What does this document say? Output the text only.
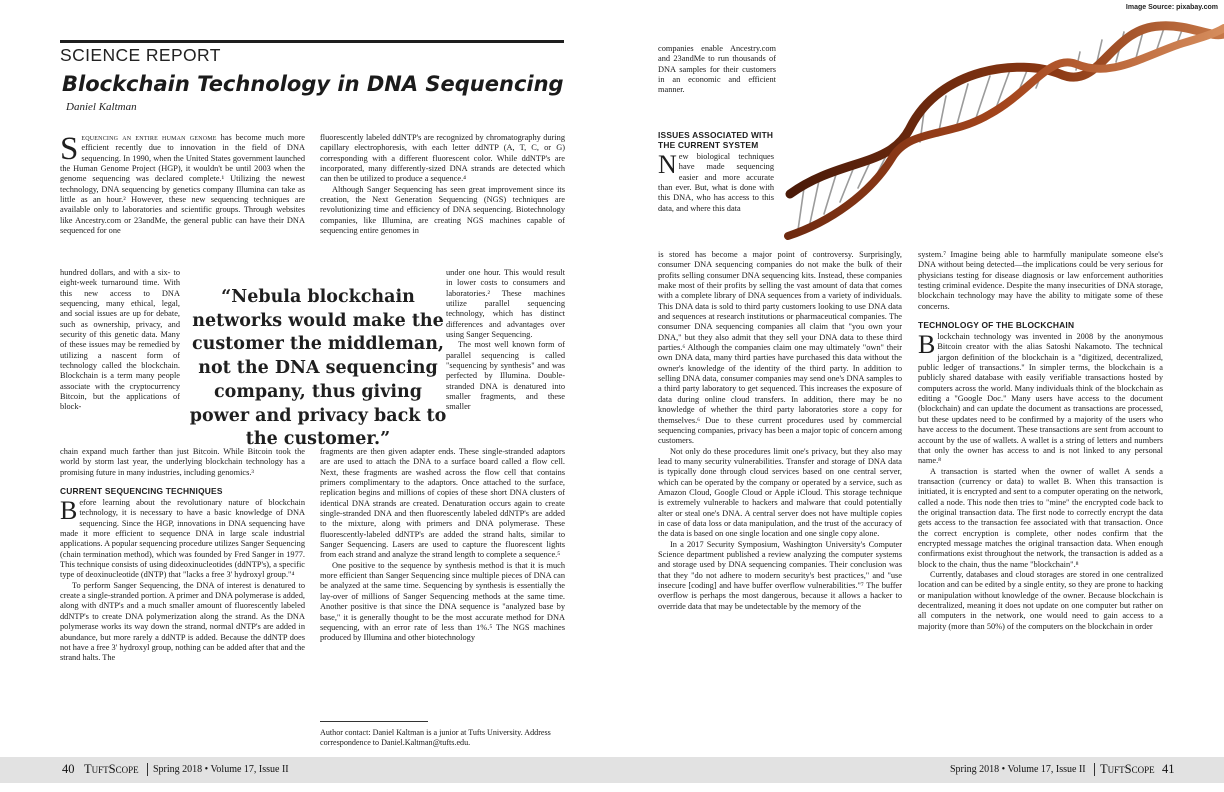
SCIENCE REPORT
Blockchain Technology in DNA Sequencing
Daniel Kaltman

Sequencing an entire human genome has become much more efficient recently due to innovation in the field of DNA sequencing. In 1990, when the United States government launched the Human Genome Project (HGP), it wouldn't be until 2003 when the genome sequencing was declared complete.¹ Utilizing the newest technology, DNA sequencing by genetics company Illumina can take as little as an hour.² However, these new sequencing techniques are available only to laboratories and scientific groups. Through websites like Ancestry.com or 23andMe, the general public can have their DNA sequenced for one

hundred dollars, and with a six- to eight-week turnaround time. With this new access to DNA sequencing, many ethical, legal, and social issues are up for debate, such as ownership, privacy, and security of this genetic data. Many of these issues may be remedied by utilizing a nascent form of technology called the blockchain. Blockchain is a term many people associate with the cryptocurrency Bitcoin, but the applications of block-

chain expand much farther than just Bitcoin. While Bitcoin took the world by storm last year, the underlying blockchain technology has a promising future in many industries, including genomics.³

CURRENT SEQUENCING TECHNIQUES

Before learning about the revolutionary nature of blockchain technology, it is necessary to have a basic knowledge of DNA sequencing. Since the HGP, innovations in DNA sequencing have made it more efficient to sequence DNA in large scale industrial applications. A popular sequencing procedure utilizes Sanger Sequencing (chain termination method), which was founded by Fred Sanger in 1977. This technique consists of using dideoxinucleotides (ddNTP's), a specific type of deoxinucleotide (dNTP) that "lacks a free 3' hydroxyl group."⁴

To perform Sanger Sequencing, the DNA of interest is denatured to create a single-stranded portion. A primer and DNA polymerase is added, along with dNTP's and a much smaller amount of fluorescently labeled ddNTP's to create DNA polymerization along the strand. As the DNA polymerase works its way down the strand, normal dNTP's are added in abundance, but more rarely a ddNTP is added. Because the ddNTP does not have a free 3' hydroxyl group, nothing can be added after that and the strand halts. The

fluorescently labeled ddNTP's are recognized by chromatography during capillary electrophoresis, with each letter ddNTP (A, T, C, or G) corresponding with a different fluorescent color. While ddNTP's are incorporated, many differently-sized DNA strands are detected which can then be utilized to produce a sequence.⁴

Although Sanger Sequencing has seen great improvement since its creation, the Next Generation Sequencing (NGS) techniques are revolutionizing time and efficiency of DNA sequencing. Biotechnology companies, like Illumina, are creating NGS machines capable of sequencing entire genomes in

under one hour. This would result in lower costs to consumers and laboratories.² These machines utilize parallel sequencing technology, which has distinct differences and advantages over using Sanger Sequencing.

The most well known form of parallel sequencing is called "sequencing by synthesis" and was perfected by Illumina. Double-stranded DNA is denatured into smaller fragments, and these smaller

fragments are then given adapter ends. These single-stranded adaptors are are used to attach the DNA to a surface board called a flow cell. Next, these fragments are washed across the flow cell that contains primers complimentary to the adaptors. Once attached to the surface, replication begins and millions of copies of these short DNA clusters of identical DNA strands are created. Denaturation occurs again to create single-stranded DNA and then fluorescently labeled ddNTP's are added to the mixture, along with primers and DNA polymerase. These fluorescently-labeled ddNTP's are added the strand halts, similar to Sanger Sequencing. Lasers are used to capture the fluorescent lights from each strand and analyze the strand length to complete a sequence.⁵

One positive to the sequence by synthesis method is that it is much more efficient than Sanger Sequencing since multiple pieces of DNA can be analyzed at the same time. Sequencing by synthesis is essentially the lay-over of millions of Sanger Sequencing methods at the same time. Another positive is that since the DNA sequence is "analyzed base by base," it is generally thought to be the most accurate method for DNA sequencing, with an error rate of less than 1%.⁵ The NGS machines produced by Illumina and other biotechnology

“Nebula blockchain networks would make the customer the middleman, not the DNA sequencing company, thus giving power and privacy back to the customer.”
Author contact: Daniel Kaltman is a junior at Tufts University. Address correspondence to Daniel.Kaltman@tufts.edu.
40 TuftScope Spring 2018 • Volume 17, Issue II
Image Source: pixabay.com

companies enable Ancestry.com and 23andMe to run thousands of DNA samples for their customers in an economic and efficient manner.

ISSUES ASSOCIATED WITH THE CURRENT SYSTEM

New biological techniques have made sequencing easier and more accurate than ever. But, what is done with this DNA, who has access to this data, and where this data

is stored has become a major point of controversy. Surprisingly, consumer DNA sequencing companies do not make the bulk of their profits selling consumer DNA sequencing kits. Instead, these companies make most of their profits by selling the vast amount of data that comes with a complete library of DNA sequences from a variety of individuals. This DNA data is sold to third party customers looking to use DNA data and sequences at research institutions or pharmaceutical companies. The consumer DNA sequencing companies all claim that "you own your DNA," but they also admit that they sell your DNA data to these third parties.⁶ Although the companies claim one may ultimately "own" their own DNA data, many third parties have purchased this data without the owner's knowledge of the identity of the third party. In addition to selling DNA data, consumer companies may send one's DNA samples to a third party laboratory to get sequenced. This increases the exposure of data during online cloud transfers. In addition, there may be no knowledge of whether the third party laboratories store a copy for themselves.⁶ Due to these current procedures used by commercial sequencing companies, privacy has been a major topic of concern among customers.

Not only do these procedures limit one's privacy, but they also may lead to many security vulnerabilities. Transfer and storage of DNA data is typically done through cloud services based on one central server, which can be operated by the company or operated by a service, such as Amazon Cloud, Google Cloud or Apple iCloud. This storage technique is extremely vulnerable to hackers and malware that could potentially alter or steal one's DNA. A central server does not have multiple copies in case of data loss or data manipulation, and the trust of the accuracy of the data is based on one single location and one single copy alone.

In a 2017 Security Symposium, Washington University's Computer Science department published a review analyzing the computer systems and storage used by DNA sequencing companies. Their conclusion was that they "do not adhere to modern security's best practices," and "use insecure [coding] and have buffer overflow vulnerabilities."⁷ The buffer overflow is perhaps the most dangerous, because it allows a hacker to override data that may be undetectable by the memory of the

system.⁷ Imagine being able to harmfully manipulate someone else's DNA without being detected—the implications could be very serious for physicians testing for disease diagnosis or law enforcement authorities testing criminal evidence. Despite the many insecurities of DNA storage, blockchain technology may have the ability to mitigate some of these concerns.

TECHNOLOGY OF THE BLOCKCHAIN

Blockchain technology was invented in 2008 by the anonymous Bitcoin creator with the alias Satoshi Nakamoto. The technical jargon definition of the blockchain is a "digitized, decentralized, public ledger of transactions." In simpler terms, the blockchain is a publicly shared database with easily verifiable transactions hosted by computers across the world. Many individuals think of the blockchain as editing a "Google Doc." Many users have access to the document (blockchain) and can update the document as transactions are processed, but these updates need to be confirmed by a majority of the users who have access to the document. These transactions are sent from account to account by the use of wallets. A wallet is a string of letters and numbers that only the owner has access to and is not linked to any personal name.⁸

A transaction is started when the owner of wallet A sends a transaction (currency or data) to wallet B. When this transaction is initiated, it is encrypted and sent to a computer operating on the network, called a node. This node then tries to "mine" the encrypted code back to the original transaction data. The first node to correctly encrypt the data gets access to the transaction fee associated with that transaction. Once the correct encryption is complete, other nodes confirm that the encrypted message matches the original transaction data. When enough confirmations exist throughout the network, the transaction is added as a block to the chain, thus the name "blockchain".⁸

Currently, databases and cloud storages are stored in one centralized location and can be edited by a single entity, so they are prone to hacking or manipulation without knowledge of the owner. Because blockchain is decentralized, meaning it does not update on one computer but rather on all computers in the network, one would need to gain access to a majority (more than 50%) of the computers on the blockchain in order

Spring 2018 • Volume 17, Issue II TuftScope 41
